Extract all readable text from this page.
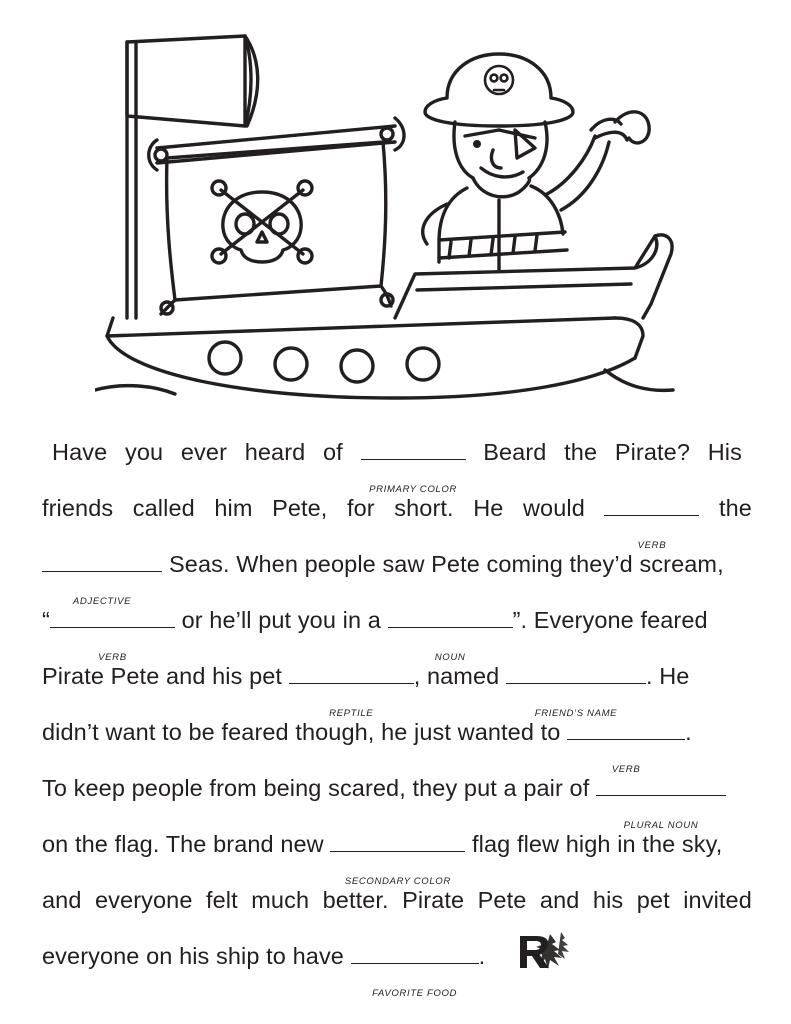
Have you ever heard of
PRIMARY COLOR
Beard the Pirate? His
friends called him Pete, for short. He would
VERB
the
ADJECTIVE
Seas. When people saw Pete coming they’d scream,
“
VERB
or he’ll put you in a
NOUN
”. Everyone feared
Pirate Pete and his pet
REPTILE
, named
FRIEND’S NAME
. He
didn’t want to be feared though, he just wanted to
VERB
.
To keep people from being scared, they put a pair of
PLURAL NOUN
on the flag. The brand new
SECONDARY COLOR
flag flew high in the sky,
and everyone felt much better. Pirate Pete and his pet invited
everyone on his ship to have
FAVORITE FOOD
.
